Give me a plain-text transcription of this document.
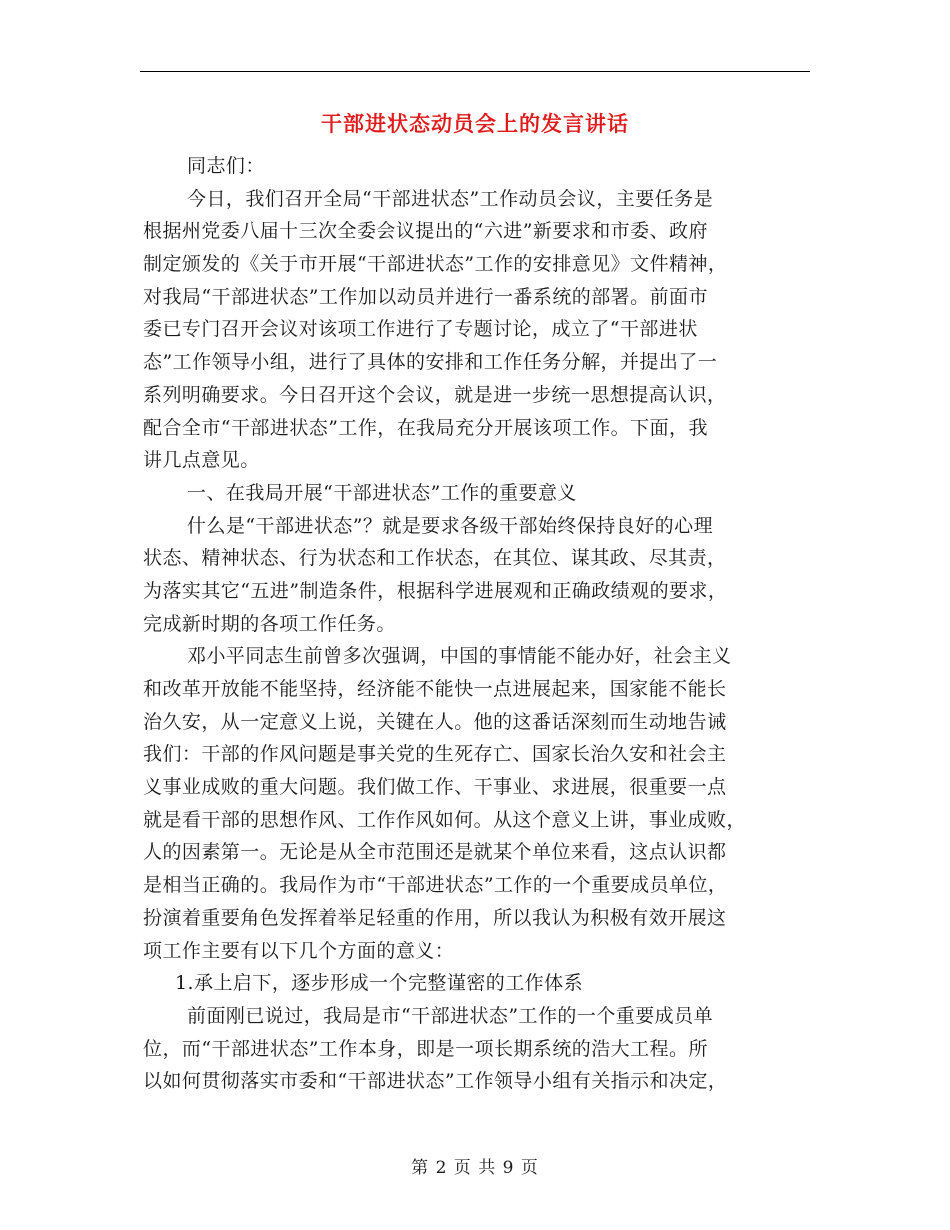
干部进状态动员会上的发言讲话
同志们：
今日，我们召开全局“干部进状态”工作动员会议，主要任务是
根据州党委八届十三次全委会议提出的“六进”新要求和市委、政府
制定颁发的《关于市开展“干部进状态”工作的安排意见》文件精神，
对我局“干部进状态”工作加以动员并进行一番系统的部署。前面市
委已专门召开会议对该项工作进行了专题讨论，成立了“干部进状
态”工作领导小组，进行了具体的安排和工作任务分解，并提出了一
系列明确要求。今日召开这个会议，就是进一步统一思想提高认识，
配合全市“干部进状态”工作，在我局充分开展该项工作。下面，我
讲几点意见。
一、在我局开展“干部进状态”工作的重要意义
什么是“干部进状态”？就是要求各级干部始终保持良好的心理
状态、精神状态、行为状态和工作状态，在其位、谋其政、尽其责，
为落实其它“五进”制造条件，根据科学进展观和正确政绩观的要求，
完成新时期的各项工作任务。
邓小平同志生前曾多次强调，中国的事情能不能办好，社会主义
和改革开放能不能坚持，经济能不能快一点进展起来，国家能不能长
治久安，从一定意义上说，关键在人。他的这番话深刻而生动地告诫
我们：干部的作风问题是事关党的生死存亡、国家长治久安和社会主
义事业成败的重大问题。我们做工作、干事业、求进展，很重要一点
就是看干部的思想作风、工作作风如何。从这个意义上讲，事业成败，
人的因素第一。无论是从全市范围还是就某个单位来看，这点认识都
是相当正确的。我局作为市“干部进状态”工作的一个重要成员单位，
扮演着重要角色发挥着举足轻重的作用，所以我认为积极有效开展这
项工作主要有以下几个方面的意义：
1.承上启下，逐步形成一个完整谨密的工作体系
前面刚已说过，我局是市“干部进状态”工作的一个重要成员单
位，而“干部进状态”工作本身，即是一项长期系统的浩大工程。所
以如何贯彻落实市委和“干部进状态”工作领导小组有关指示和决定，
第 2 页 共 9 页
